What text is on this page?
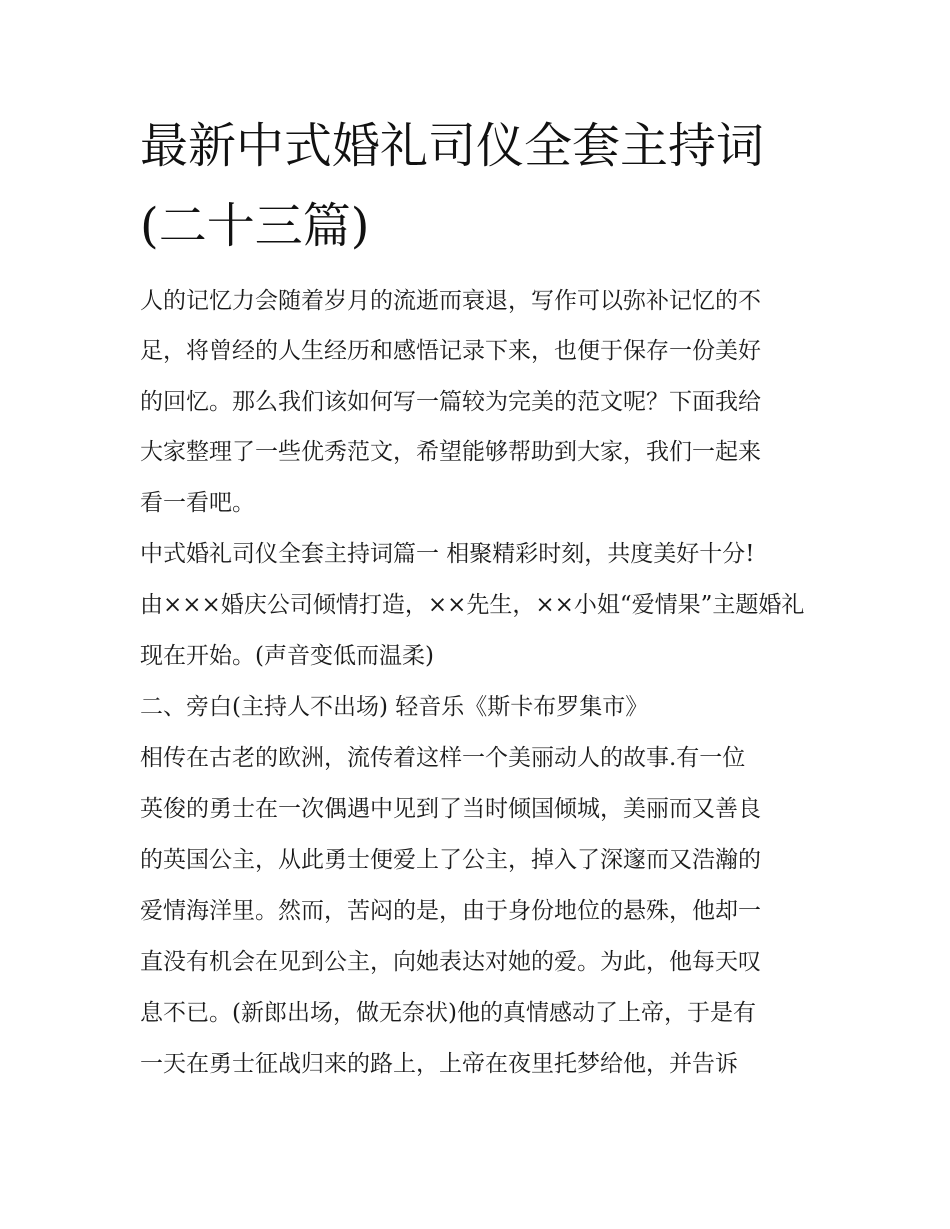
最新中式婚礼司仪全套主持词
(二十三篇)
人的记忆力会随着岁月的流逝而衰退，写作可以弥补记忆的不
足，将曾经的人生经历和感悟记录下来，也便于保存一份美好
的回忆。那么我们该如何写一篇较为完美的范文呢？下面我给
大家整理了一些优秀范文，希望能够帮助到大家，我们一起来
看一看吧。
中式婚礼司仪全套主持词篇一 相聚精彩时刻，共度美好十分!
由×××婚庆公司倾情打造，××先生，××小姐“爱情果”主题婚礼
现在开始。(声音变低而温柔)
二、旁白(主持人不出场) 轻音乐《斯卡布罗集市》
相传在古老的欧洲，流传着这样一个美丽动人的故事.有一位
英俊的勇士在一次偶遇中见到了当时倾国倾城，美丽而又善良
的英国公主，从此勇士便爱上了公主，掉入了深邃而又浩瀚的
爱情海洋里。然而，苦闷的是，由于身份地位的悬殊，他却一
直没有机会在见到公主，向她表达对她的爱。为此，他每天叹
息不已。(新郎出场，做无奈状)他的真情感动了上帝，于是有
一天在勇士征战归来的路上，上帝在夜里托梦给他，并告诉
